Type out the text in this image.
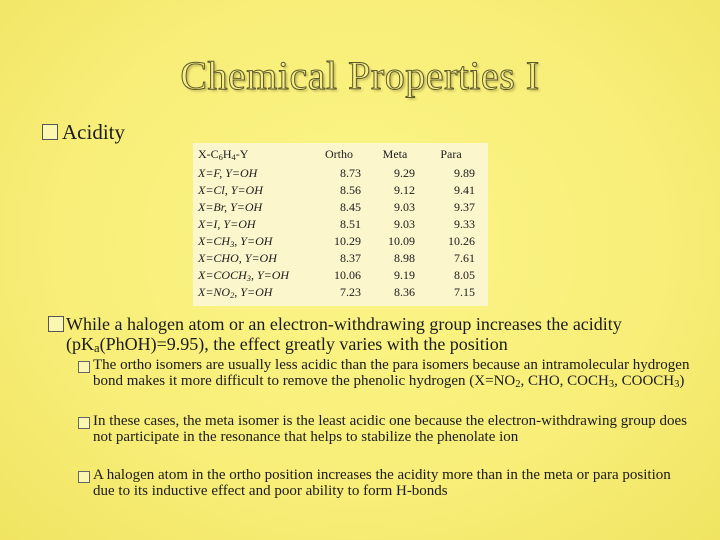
Chemical Properties I
Acidity
$X-C_6H_4-Y$	Ortho	Meta	Para
X=F, Y=OH	8.73	9.29	9.89
X=Cl, Y=OH	8.56	9.12	9.41
X=Br, Y=OH	8.45	9.03	9.37
X=I, Y=OH	8.51	9.03	9.33
$X=CH_3$, Y=OH	10.29	10.09	10.26
X=CHO, Y=OH	8.37	8.98	7.61
$X=COCH_3$, Y=OH	10.06	9.19	8.05
$X=NO_2$, Y=OH	7.23	8.36	7.15
While a halogen atom or an electron-withdrawing group increases the acidity $(pK_a(PhOH)=9.95)$, the effect greatly varies with the position
The ortho isomers are usually less acidic than the para isomers because an intramolecular hydrogen bond makes it more difficult to remove the phenolic hydrogen ($X=NO_2$, CHO, $COCH_3$, $COOCH_3$)
In these cases, the meta isomer is the least acidic one because the electron-withdrawing group does not participate in the resonance that helps to stabilize the phenolate ion
A halogen atom in the ortho position increases the acidity more than in the meta or para position due to its inductive effect and poor ability to form H-bonds
